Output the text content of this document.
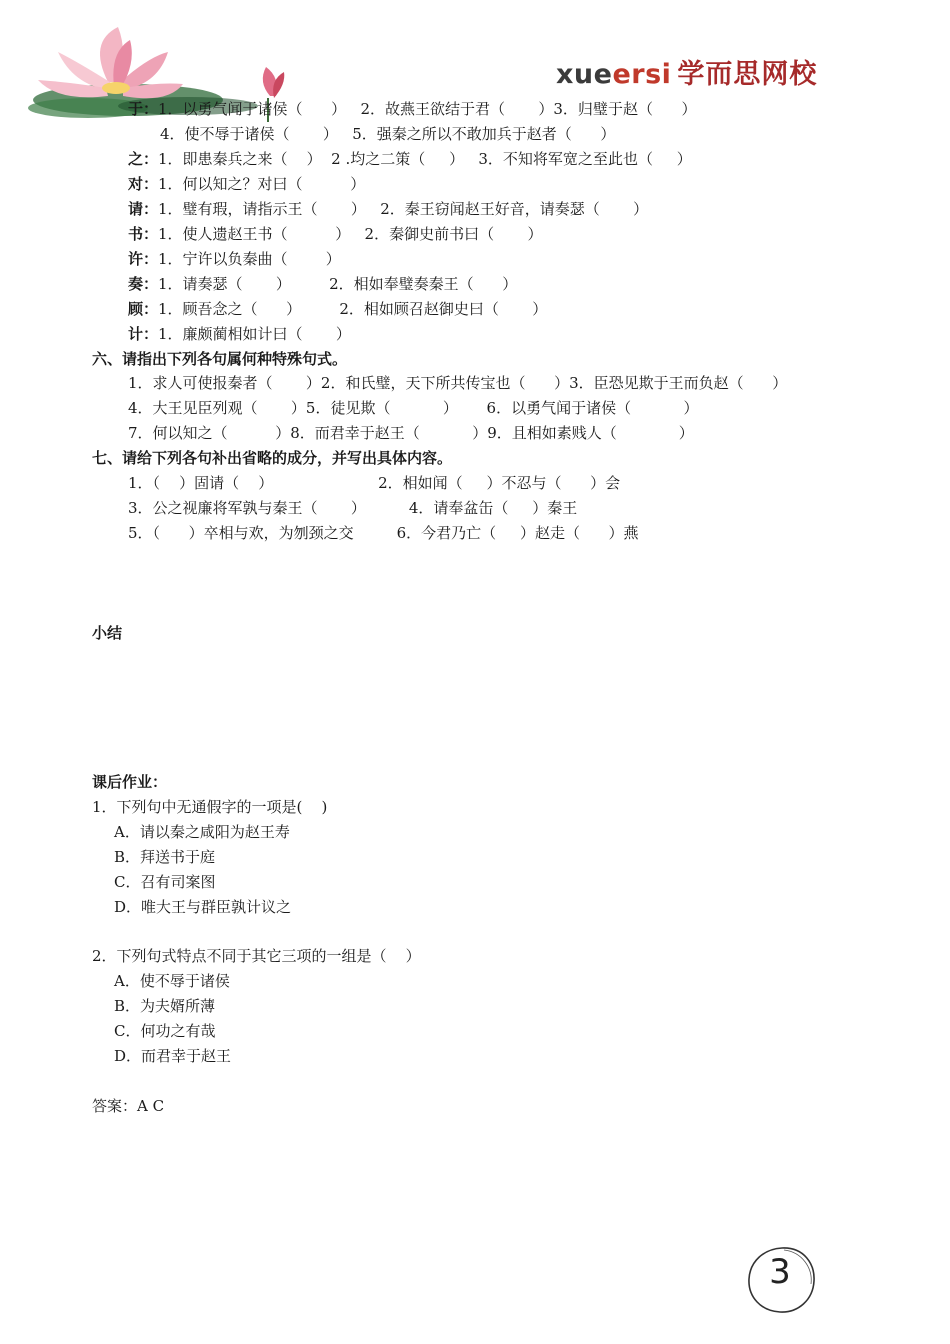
xueersi 学而思网校
于：1．以勇气闻于诸侯（      ）   2．故燕王欲结于君（       ）3．归璧于赵（      ）
4．使不辱于诸侯（       ）   5．强秦之所以不敢加兵于赵者（      ）
之：1．即患秦兵之来（    ）  2 .均之二策（     ）   3．不知将军宽之至此也（     ）
对：1．何以知之？对曰（          ）
请：1．璧有瑕，请指示王（       ）   2．秦王窃闻赵王好音，请奏瑟（       ）
书：1．使人遗赵王书（          ）   2．秦御史前书曰（       ）
许：1．宁许以负秦曲（        ）
奏：1．请奏瑟（       ）        2．相如奉璧奏秦王（      ）
顾：1．顾吾念之（      ）        2．相如顾召赵御史曰（       ）
计：1．廉颇蔺相如计曰（       ）
六、请指出下列各句属何种特殊句式。
1．求人可使报秦者（       ）2．和氏璧，天下所共传宝也（      ）3．臣恐见欺于王而负赵（      ）
4．大王见臣列观（       ）5．徒见欺（           ）      6．以勇气闻于诸侯（           ）
7．何以知之（          ）8．而君幸于赵王（           ）9．且相如素贱人（             ）
七、请给下列各句补出省略的成分，并写出具体内容。
1．（    ）固请（    ）                      2．相如闻（     ）不忍与（      ）会
3．公之视廉将军孰与秦王（       ）         4．请奉盆缶（     ）秦王
5．（      ）卒相与欢，为刎颈之交         6．今君乃亡（     ）赵走（      ）燕
小结
课后作业：
1．下列句中无通假字的一项是(    )
A．请以秦之咸阳为赵王寿
B．拜送书于庭
C．召有司案图
D．唯大王与群臣孰计议之
2．下列句式特点不同于其它三项的一组是（    ）
A．使不辱于诸侯
B．为夫婿所薄
C．何功之有哉
D．而君幸于赵王
答案：A C
3
